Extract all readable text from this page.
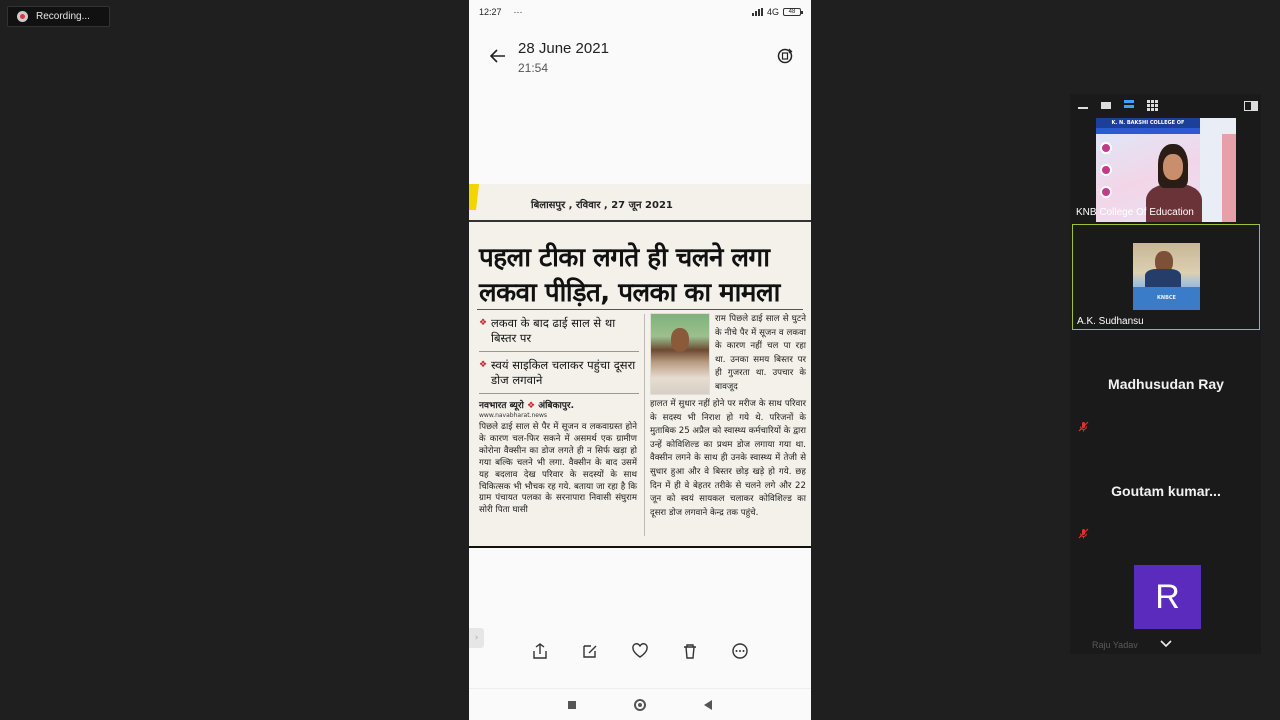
Recording...	12:27 ···	4G	48
28 June 2021
21:54
बिलासपुर , रविवार , 27 जून 2021
पहला टीका लगते ही चलने लगा
लकवा पीड़ित, पलका का मामला
❖ लकवा के बाद ढाई साल से था बिस्तर पर
❖ स्वयं साइकिल चलाकर पहुंचा दूसरा डोज लगवाने
नवभारत ब्यूरो ❖ अंबिकापुर.
www.navabharat.news
पिछले ढाई साल से पैर में सूजन व लकवाग्रस्त होने के कारण चल-फिर सकने में असमर्थ एक ग्रामीण कोरोना वैक्सीन का डोज लगते ही न सिर्फ खड़ा हो गया बल्कि चलने भी लगा. वैक्सीन के बाद उसमें यह बदलाव देख परिवार के सदस्यों के साथ चिकित्सक भी भौचक रह गये. बताया जा रहा है कि ग्राम पंचायत पलका के सरनापारा निवासी संघुराम सोरी पिता घासी
राम पिछले ढाई साल से घुटने के नीचे पैर में सूजन व लकवा के कारण नहीं चल पा रहा था. उनका समय बिस्तर पर ही गुजरता था. उपचार के बावजूद
हालत में सुधार नहीं होने पर मरीज के साथ परिवार के सदस्य भी निराश हो गये थे. परिजनों के मुताबिक 25 अप्रैल को स्वास्थ्य कर्मचारियों के द्वारा उन्हें कोविशिल्ड का प्रथम डोज लगाया गया था. वैक्सीन लगने के साथ ही उनके स्वास्थ्य में तेजी से सुधार हुआ और वे बिस्तर छोड़ खड़े हो गये. छह दिन में ही वे बेहतर तरीके से चलने लगे और 22 जून को स्वयं सायकल चलाकर कोविशिल्ड का दूसरा डोज लगवाने केन्द्र तक पहुंचे.
›
K. N. BAKSHI COLLEGE OF
KNB College Of Education
KNBCE
A.K. Sudhansu
Madhusudan Ray
Goutam kumar...
R
Raju Yadav
